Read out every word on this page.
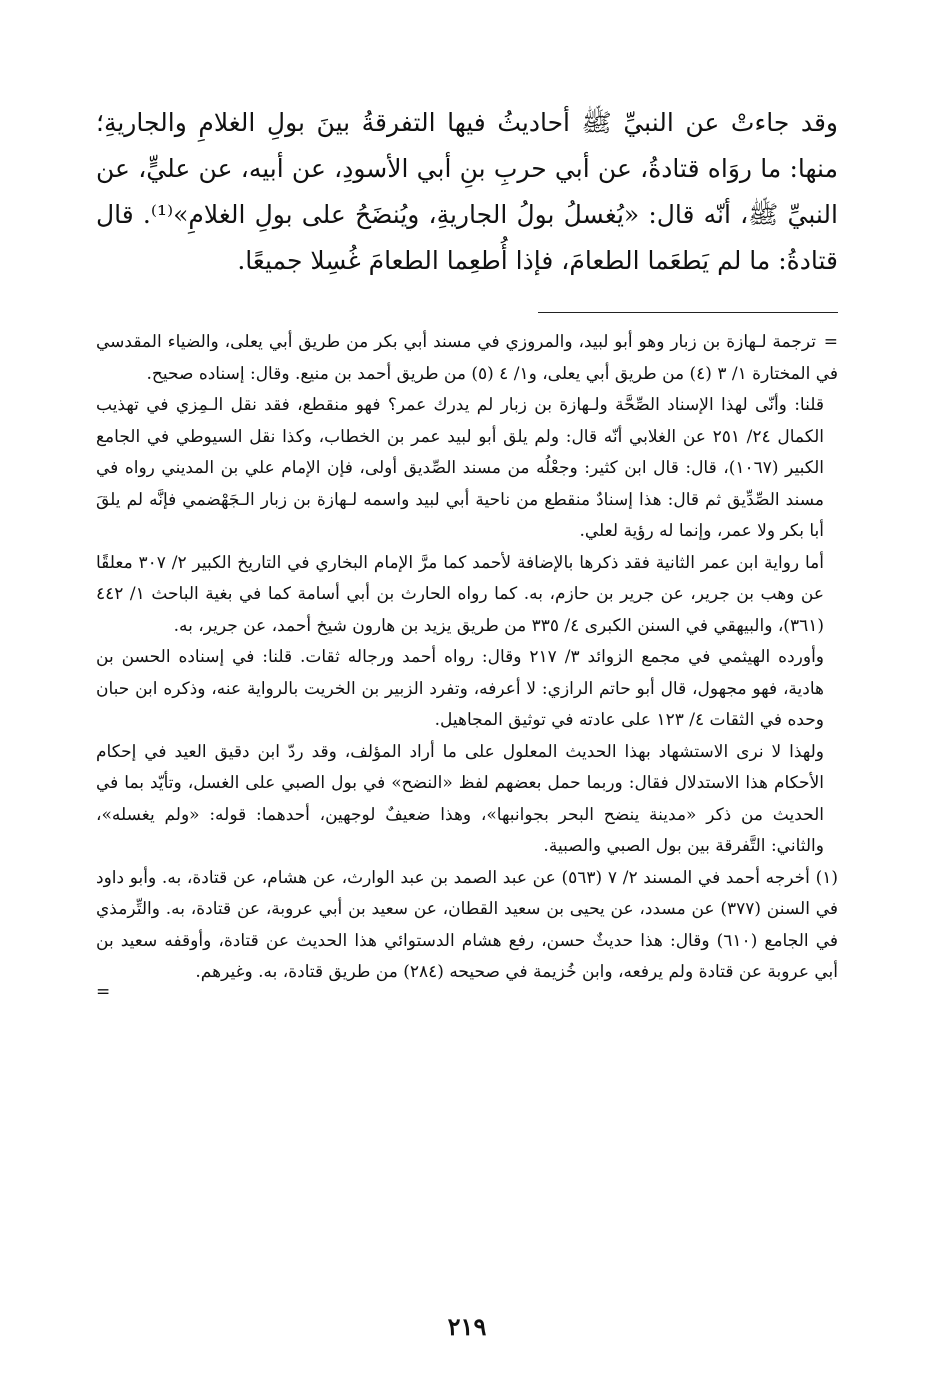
وقد جاءتْ عن النبيِّ ﷺ أحاديثُ فيها التفرقةُ بينَ بولِ الغلامِ والجاريةِ؛ منها: ما روَاه قتادةُ، عن أبي حربِ بنِ أبي الأسودِ، عن أبيه، عن عليٍّ، عن النبيِّ ﷺ، أنّه قال: «يُغسلُ بولُ الجاريةِ، ويُنضَحُ على بولِ الغلامِ»⁽¹⁾. قال قتادةُ: ما لم يَطعَما الطعامَ، فإذا أُطعِما الطعامَ غُسِلا جميعًا.

=ترجمة لـهازة بن زبار وهو أبو لبيد، والمروزي في مسند أبي بكر من طريق أبي يعلى، والضياء المقدسي في المختارة ١/ ٣ (٤) من طريق أبي يعلى، و١/ ٤ (٥) من طريق أحمد بن منيع. وقال: إسناده صحيح.

قلنا: وأنّى لهذا الإسناد الصِّحَّة ولـهازة بن زبار لم يدرك عمر؟ فهو منقطع، فقد نقل الـمِزي في تهذيب الكمال ٢٤/ ٢٥١ عن الغلابي أنّه قال: ولم يلق أبو لبيد عمر بن الخطاب، وكذا نقل السيوطي في الجامع الكبير (١٠٦٧)، قال: قال ابن كثير: وجعْلُه من مسند الصِّديق أولى، فإن الإمام علي بن المديني رواه في مسند الصِّدِّيق ثم قال: هذا إسنادٌ منقطع من ناحية أبي لبيد واسمه لـهازة بن زبار الـجَهْضمي فإنَّه لم يلقَ أبا بكر ولا عمر، وإنما له رؤية لعلي.

أما رواية ابن عمر الثانية فقد ذكرها بالإضافة لأحمد كما مرَّ الإمام البخاري في التاريخ الكبير ٢/ ٣٠٧ معلقًا عن وهب بن جرير، عن جرير بن حازم، به. كما رواه الحارث بن أبي أسامة كما في بغية الباحث ١/ ٤٤٢ (٣٦١)، والبيهقي في السنن الكبرى ٤/ ٣٣٥ من طريق يزيد بن هارون شيخ أحمد، عن جرير، به.

وأورده الهيثمي في مجمع الزوائد ٣/ ٢١٧ وقال: رواه أحمد ورجاله ثقات. قلنا: في إسناده الحسن بن هادية، فهو مجهول، قال أبو حاتم الرازي: لا أعرفه، وتفرد الزبير بن الخريت بالرواية عنه، وذكره ابن حبان وحده في الثقات ٤/ ١٢٣ على عادته في توثيق المجاهيل.

ولهذا لا نرى الاستشهاد بهذا الحديث المعلول على ما أراد المؤلف، وقد ردّ ابن دقيق العيد في إحكام الأحكام هذا الاستدلال فقال: وربما حمل بعضهم لفظ «النضح» في بول الصبي على الغسل، وتأيّد بما في الحديث من ذكر «مدينة ينضح البحر بجوانبها»، وهذا ضعيفٌ لوجهين، أحدهما: قوله: «ولم يغسله»، والثاني: التَّفرقة بين بول الصبي والصبية.

(١) أخرجه أحمد في المسند ٢/ ٧ (٥٦٣) عن عبد الصمد بن عبد الوارث، عن هشام، عن قتادة، به. وأبو داود في السنن (٣٧٧) عن مسدد، عن يحيى بن سعيد القطان، عن سعيد بن أبي عروبة، عن قتادة، به. والتِّرمذي في الجامع (٦١٠) وقال: هذا حديثٌ حسن، رفع هشام الدستوائي هذا الحديث عن قتادة، وأوقفه سعيد بن أبي عروبة عن قتادة ولم يرفعه، وابن خُزيمة في صحيحه (٢٨٤) من طريق قتادة، به. وغيرهم.

=
٢١٩
